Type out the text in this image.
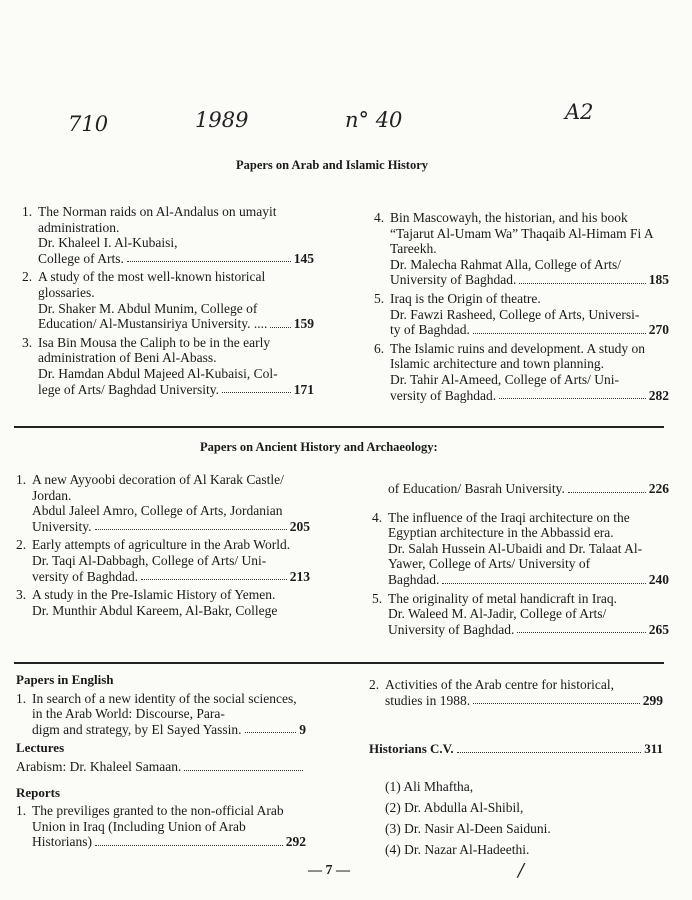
710	1989	n° 40	A2
Papers on Arab and Islamic History
1. The Norman raids on Al-Andalus on umayit administration.
Dr. Khaleel I. Al-Kubaisi,
College of Arts.	145
2. A study of the most well-known historical glossaries.
Dr. Shaker M. Abdul Munim, College of
Education/ Al-Mustansiriya University. .... 159
3. Isa Bin Mousa the Caliph to be in the early administration of Beni Al-Abass.
Dr. Hamdan Abdul Majeed Al-Kubaisi, Col-
lege of Arts/ Baghdad University.	171
4. Bin Mascowayh, the historian, and his book “Tajarut Al-Umam Wa” Thaqaib Al-Himam Fi A Tareekh.
Dr. Malecha Rahmat Alla, College of Arts/
University of Baghdad.	185
5. Iraq is the Origin of theatre.
Dr. Fawzi Rasheed, College of Arts, Universi-
ty of Baghdad.	270
6. The Islamic ruins and development. A study on Islamic architecture and town planning.
Dr. Tahir Al-Ameed, College of Arts/ Uni-
versity of Baghdad.	282
Papers on Ancient History and Archaeology:
1. A new Ayyoobi decoration of Al Karak Castle/ Jordan.
Abdul Jaleel Amro, College of Arts, Jordanian
University.	205
2. Early attempts of agriculture in the Arab World.
Dr. Taqi Al-Dabbagh, College of Arts/ Uni-
versity of Baghdad.	213
3. A study in the Pre-Islamic History of Yemen.
Dr. Munthir Abdul Kareem, Al-Bakr, College
of Education/ Basrah University.	226
4. The influence of the Iraqi architecture on the Egyptian architecture in the Abbassid era.
Dr. Salah Hussein Al-Ubaidi and Dr. Talaat Al-Yawer, College of Arts/ University of
Baghdad.	240
5. The originality of metal handicraft in Iraq.
Dr. Waleed M. Al-Jadir, College of Arts/
University of Baghdad.	265
Papers in English
1. In search of a new identity of the social sciences, in the Arab World: Discourse, Para-
digm and strategy, by El Sayed Yassin.	9
Lectures
Arabism: Dr. Khaleel Samaan.
Reports
1. The previliges granted to the non-official Arab Union in Iraq (Including Union of Arab
Historians)	292
2. Activities of the Arab centre for historical,
studies in 1988.	299
Historians C.V.	311
(1) Ali Mhaftha,
(2) Dr. Abdulla Al-Shibil,
(3) Dr. Nasir Al-Deen Saiduni.
(4) Dr. Nazar Al-Hadeethi.
— 7 —	/
